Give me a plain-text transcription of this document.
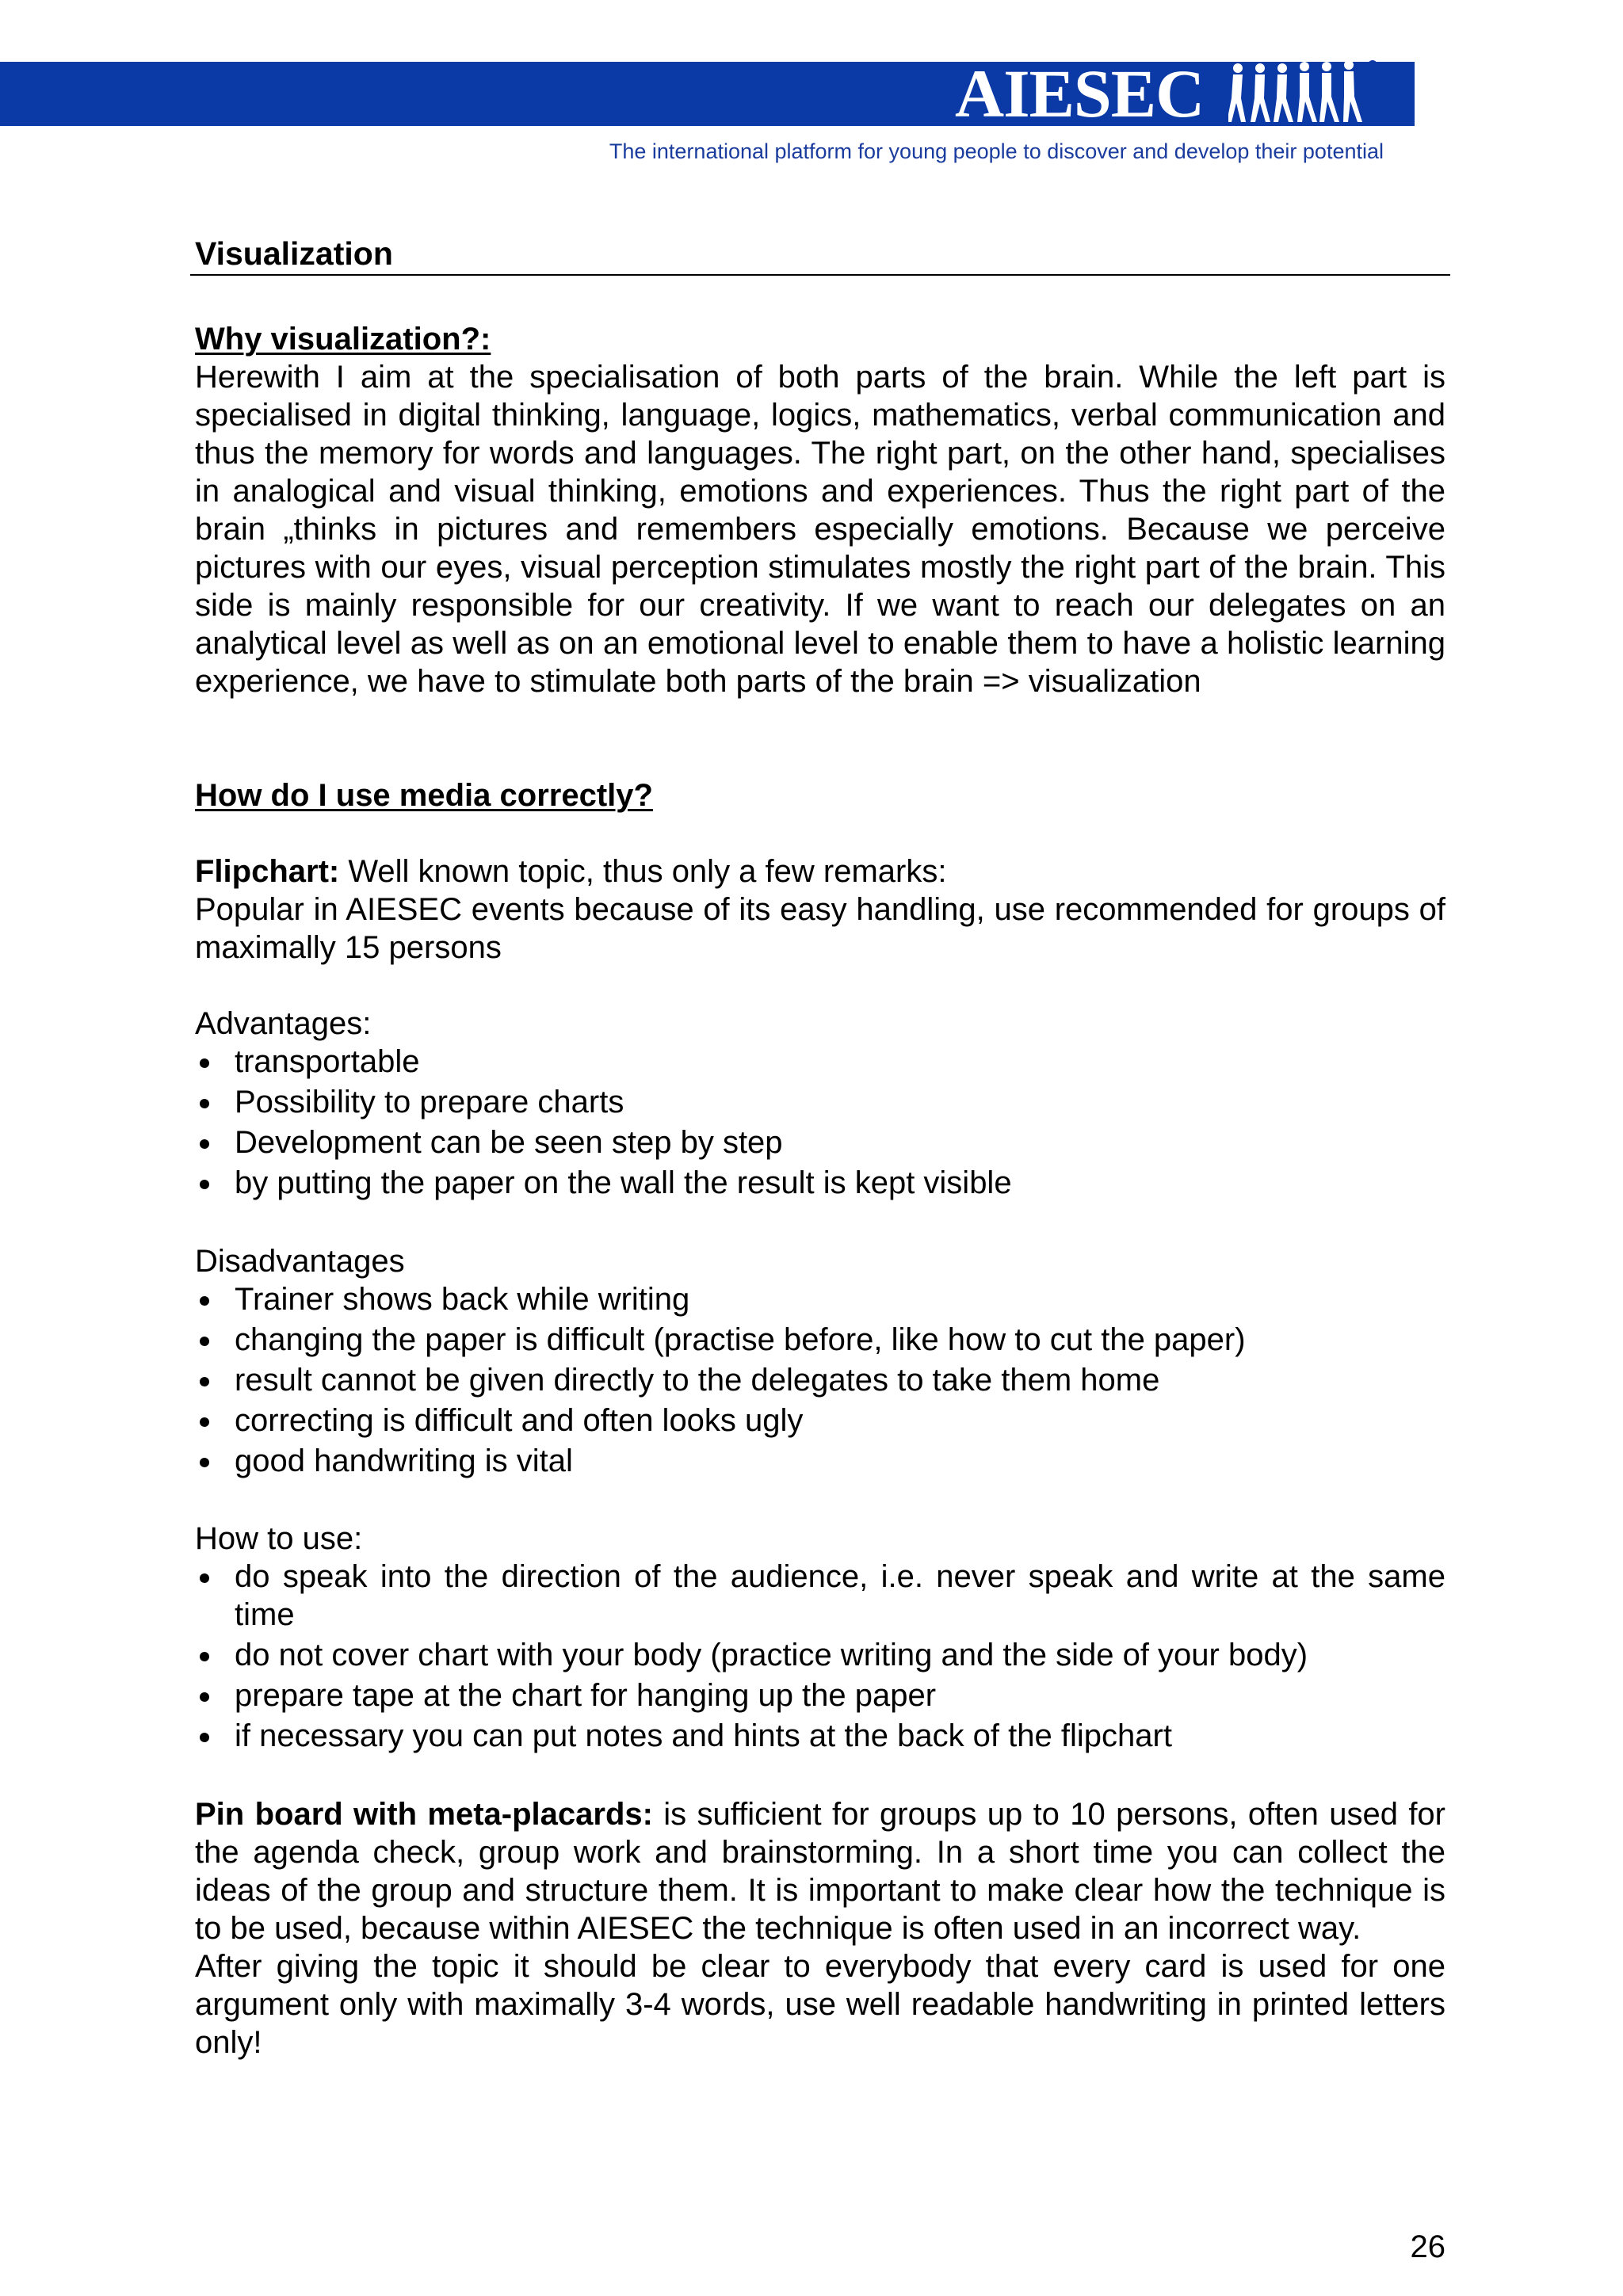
AIESEC
The international platform for young people to discover and develop their potential
Visualization
Why visualization?:
Herewith I aim at the specialisation of both parts of the brain. While the left part is specialised in digital thinking, language, logics, mathematics, verbal communication and thus the memory for words and languages. The right part, on the other hand, specialises in analogical and visual thinking, emotions and experiences. Thus the right part of the brain „thinks in pictures and remembers especially emotions. Because we perceive pictures with our eyes, visual perception stimulates mostly the right part of the brain. This side is mainly responsible for our creativity. If we want to reach our delegates on an analytical level as well as on an emotional level to enable them to have a holistic learning experience, we have to stimulate both parts of the brain => visualization
How do I use media correctly?
Flipchart: Well known topic, thus only a few remarks:
Popular in AIESEC events because of its easy handling, use recommended for groups of maximally 15 persons
Advantages:
transportable
Possibility to prepare charts
Development can be seen step by step
by putting the paper on the wall the result is kept visible
Disadvantages
Trainer shows back while writing
changing the paper is difficult (practise before, like how to cut the paper)
result cannot be given directly to the delegates to take them home
correcting is difficult and often looks ugly
good handwriting is vital
How to use:
do speak into the direction of the audience, i.e. never speak and write at the same time
do not cover chart with your body (practice writing and the side of your body)
prepare tape at the chart for hanging up the paper
if necessary you can put notes and hints at the back of the flipchart
Pin board with meta-placards: is sufficient for groups up to 10 persons, often used for the agenda check, group work and brainstorming. In a short time you can collect the ideas of the group and structure them. It is important to make clear how the technique is to be used, because within AIESEC the technique is often used in an incorrect way.
After giving the topic it should be clear to everybody that every card is used for one argument only with maximally 3-4 words, use well readable handwriting in printed letters only!
26
